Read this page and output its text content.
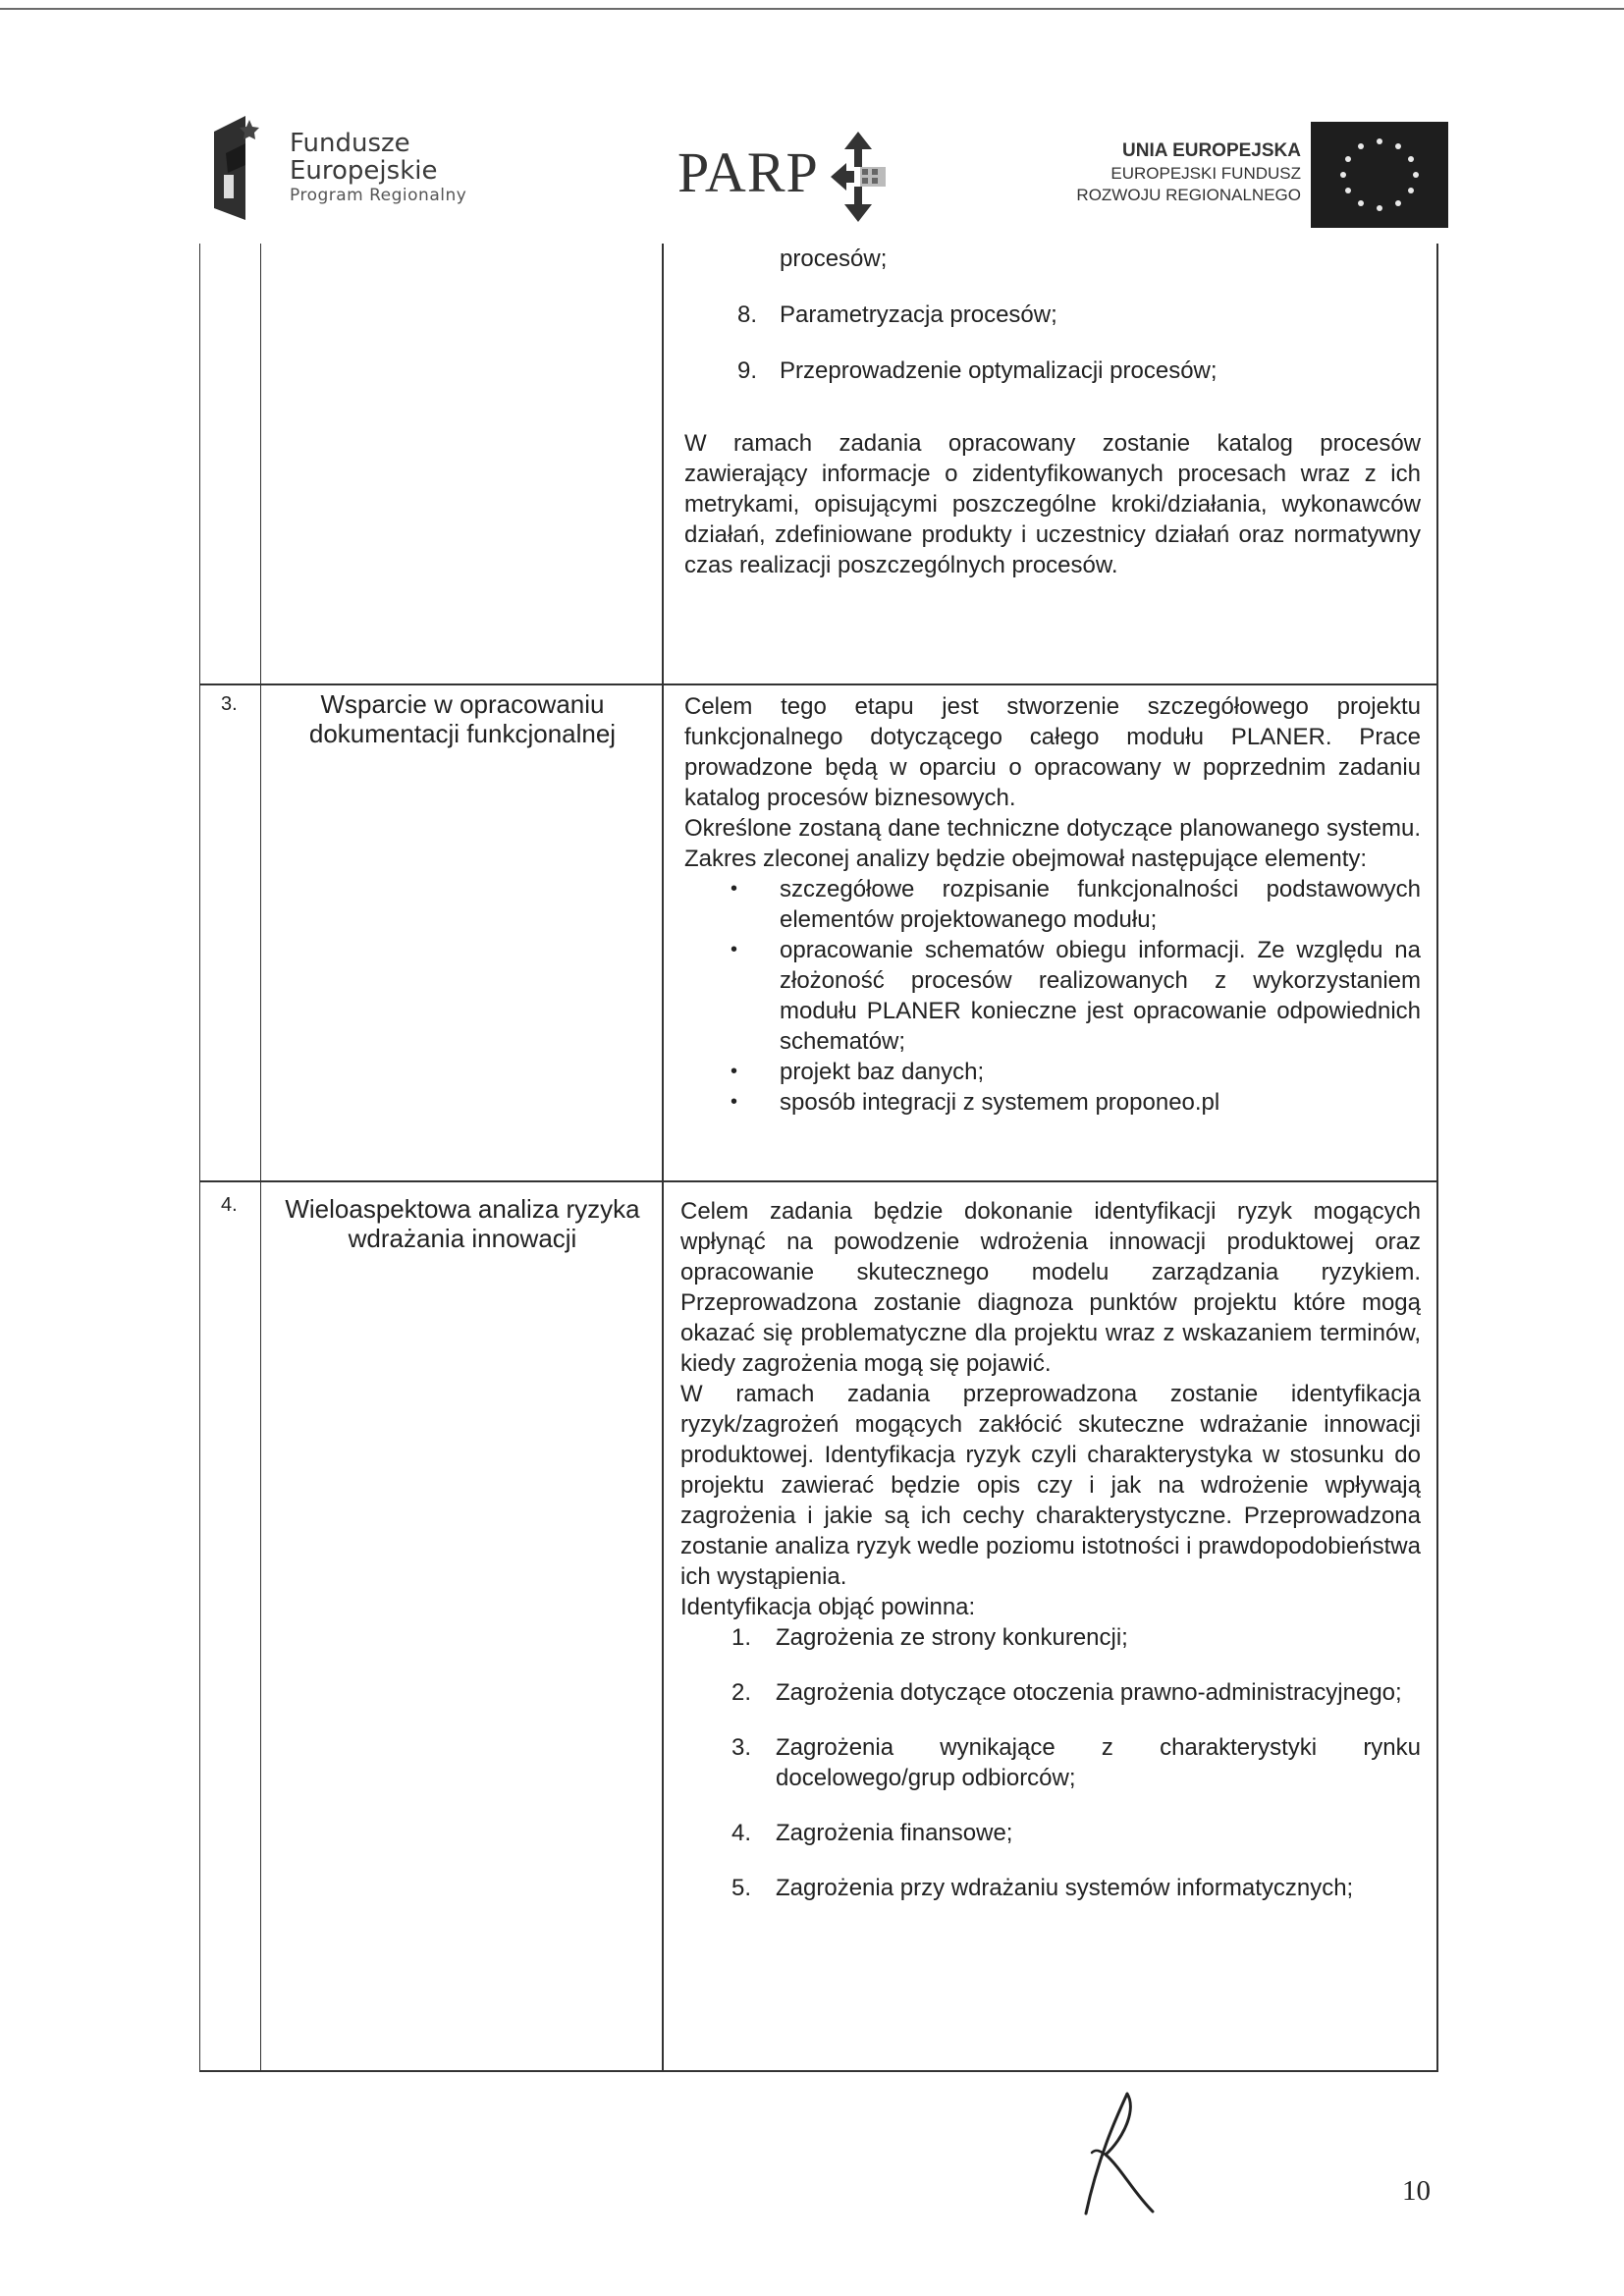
Fundusze
Europejskie
Program Regionalny	PARP	UNIA EUROPEJSKA
EUROPEJSKI FUNDUSZ
ROZWOJU REGIONALNEGO
procesów;
8. Parametryzacja procesów;
9. Przeprowadzenie optymalizacji procesów;

W ramach zadania opracowany zostanie katalog procesów zawierający informacje o zidentyfikowanych procesach wraz z ich metrykami, opisującymi poszczególne kroki/działania, wykonawców działań, zdefiniowane produkty i uczestnicy działań oraz normatywny czas realizacji poszczególnych procesów.

3.	Wsparcie w opracowaniu dokumentacji funkcjonalnej

Celem tego etapu jest stworzenie szczegółowego projektu funkcjonalnego dotyczącego całego modułu PLANER. Prace prowadzone będą w oparciu o opracowany w poprzednim zadaniu katalog procesów biznesowych.

Określone zostaną dane techniczne dotyczące planowanego systemu. Zakres zleconej analizy będzie obejmował następujące elementy:

• szczegółowe rozpisanie funkcjonalności podstawowych elementów projektowanego modułu;
• opracowanie schematów obiegu informacji. Ze względu na złożoność procesów realizowanych z wykorzystaniem modułu PLANER konieczne jest opracowanie odpowiednich schematów;
• projekt baz danych;
• sposób integracji z systemem proponeo.pl
4. Wieloaspektowa analiza ryzyka wdrażania innowacji

Celem zadania będzie dokonanie identyfikacji ryzyk mogących wpłynąć na powodzenie wdrożenia innowacji produktowej oraz opracowanie skutecznego modelu zarządzania ryzykiem. Przeprowadzona zostanie diagnoza punktów projektu które mogą okazać się problematyczne dla projektu wraz z wskazaniem terminów, kiedy zagrożenia mogą się pojawić.

W ramach zadania przeprowadzona zostanie identyfikacja ryzyk/zagrożeń mogących zakłócić skuteczne wdrażanie innowacji produktowej. Identyfikacja ryzyk czyli charakterystyka w stosunku do projektu zawierać będzie opis czy i jak na wdrożenie wpływają zagrożenia i jakie są ich cechy charakterystyczne. Przeprowadzona zostanie analiza ryzyk wedle poziomu istotności i prawdopodobieństwa ich wystąpienia.

Identyfikacja objąć powinna:

1. Zagrożenia ze strony konkurencji;
2. Zagrożenia dotyczące otoczenia prawno-administracyjnego;
3. Zagrożenia wynikające z charakterystyki rynku docelowego/grup odbiorców;
4. Zagrożenia finansowe;
5. Zagrożenia przy wdrażaniu systemów informatycznych;
10
